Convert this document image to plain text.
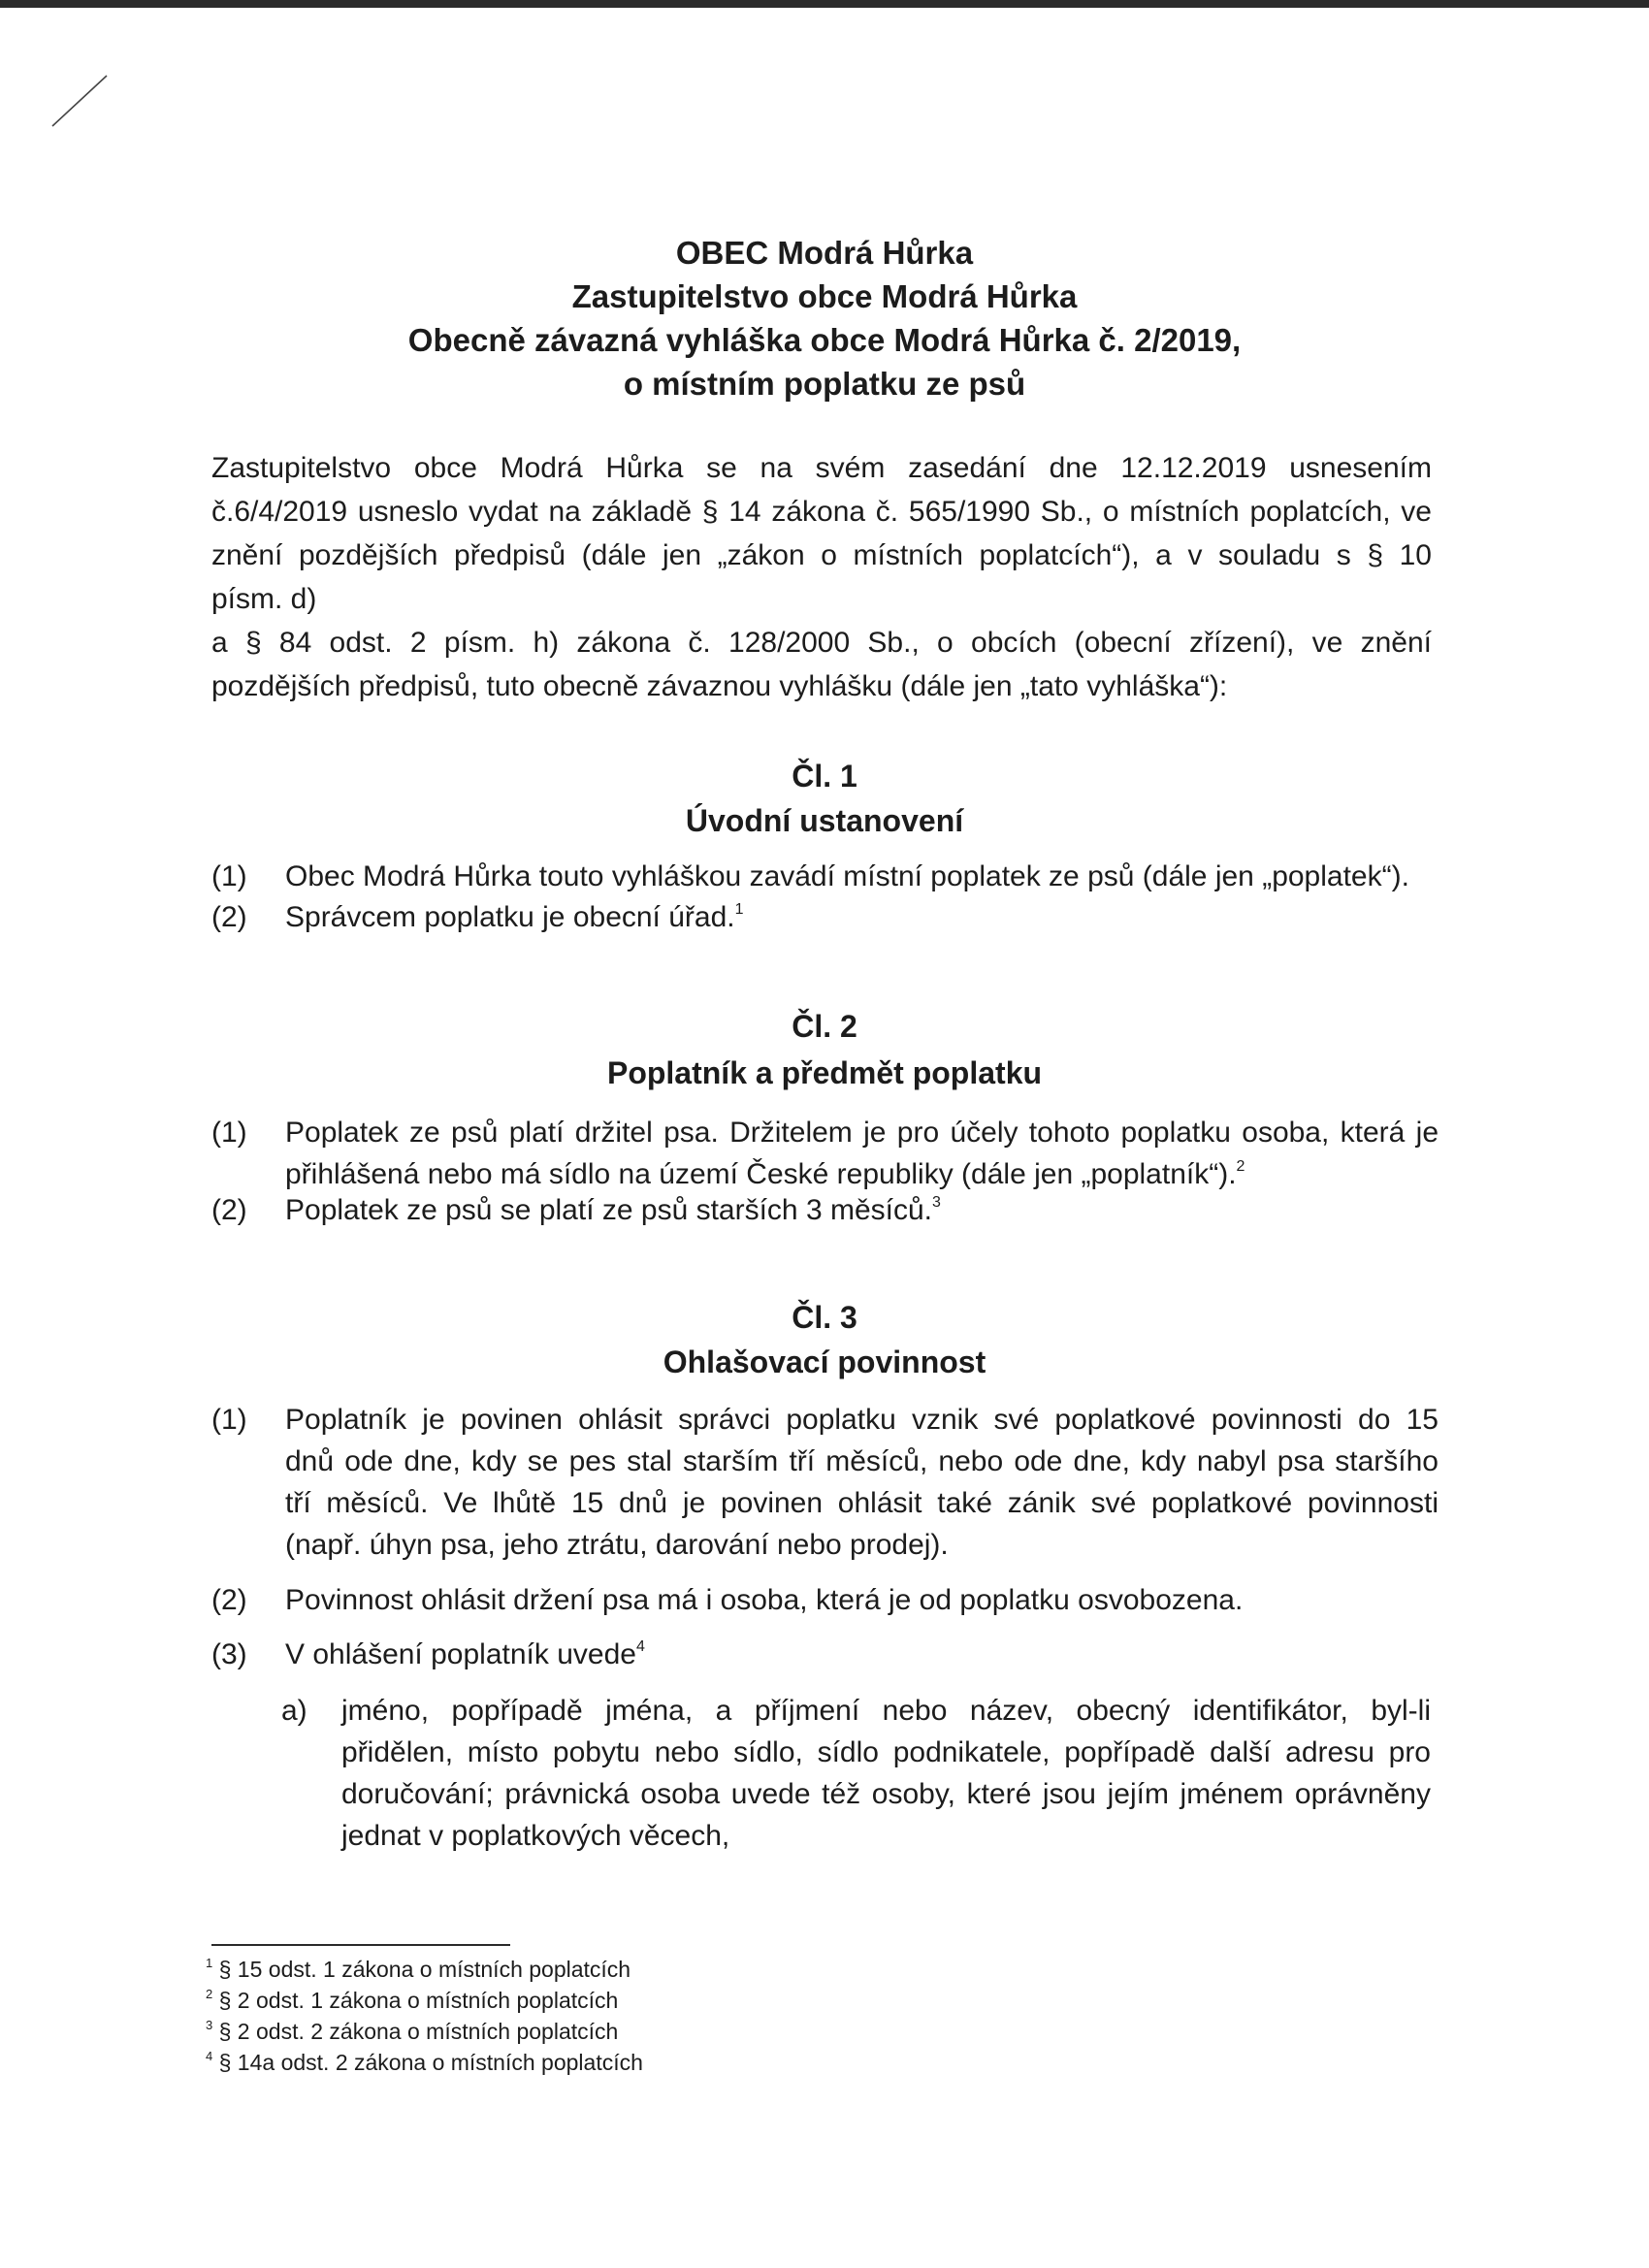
OBEC Modrá Hůrka
Zastupitelstvo obce Modrá Hůrka
Obecně závazná vyhláška obce Modrá Hůrka č. 2/2019,
o místním poplatku ze psů

Zastupitelstvo obce Modrá Hůrka se na svém zasedání dne 12.12.2019 usnesením

č.6/4/2019 usneslo vydat na základě § 14 zákona č. 565/1990 Sb., o místních poplatcích, ve

znění pozdějších předpisů (dále jen „zákon o místních poplatcích“), a v souladu s § 10

písm. d)

a § 84 odst. 2 písm. h) zákona č. 128/2000 Sb., o obcích (obecní zřízení), ve znění

pozdějších předpisů, tuto obecně závaznou vyhlášku (dále jen „tato vyhláška“):

Čl. 1
Úvodní ustanovení
(1) Obec Modrá Hůrka touto vyhláškou zavádí místní poplatek ze psů (dále jen „poplatek“).
(2) Správcem poplatku je obecní úřad.$^1$
Čl. 2
Poplatník a předmět poplatku
(1) Poplatek ze psů platí držitel psa. Držitelem je pro účely tohoto poplatku osoba, která je
přihlášená nebo má sídlo na území České republiky (dále jen „poplatník“).$^2$
(2) Poplatek ze psů se platí ze psů starších 3 měsíců.$^3$
Čl. 3
Ohlašovací povinnost
(1) Poplatník je povinen ohlásit správci poplatku vznik své poplatkové povinnosti do 15
dnů ode dne, kdy se pes stal starším tří měsíců, nebo ode dne, kdy nabyl psa staršího
tří měsíců. Ve lhůtě 15 dnů je povinen ohlásit také zánik své poplatkové povinnosti
(např. úhyn psa, jeho ztrátu, darování nebo prodej).
(2) Povinnost ohlásit držení psa má i osoba, která je od poplatku osvobozena.
(3) V ohlášení poplatník uvede$^4$
a) jméno, popřípadě jména, a příjmení nebo název, obecný identifikátor, byl-li
přidělen, místo pobytu nebo sídlo, sídlo podnikatele, popřípadě další adresu pro
doručování; právnická osoba uvede též osoby, které jsou jejím jménem oprávněny
jednat v poplatkových věcech,
$^1$ § 15 odst. 1 zákona o místních poplatcích
$^2$ § 2 odst. 1 zákona o místních poplatcích
$^3$ § 2 odst. 2 zákona o místních poplatcích
$^4$ § 14a odst. 2 zákona o místních poplatcích
